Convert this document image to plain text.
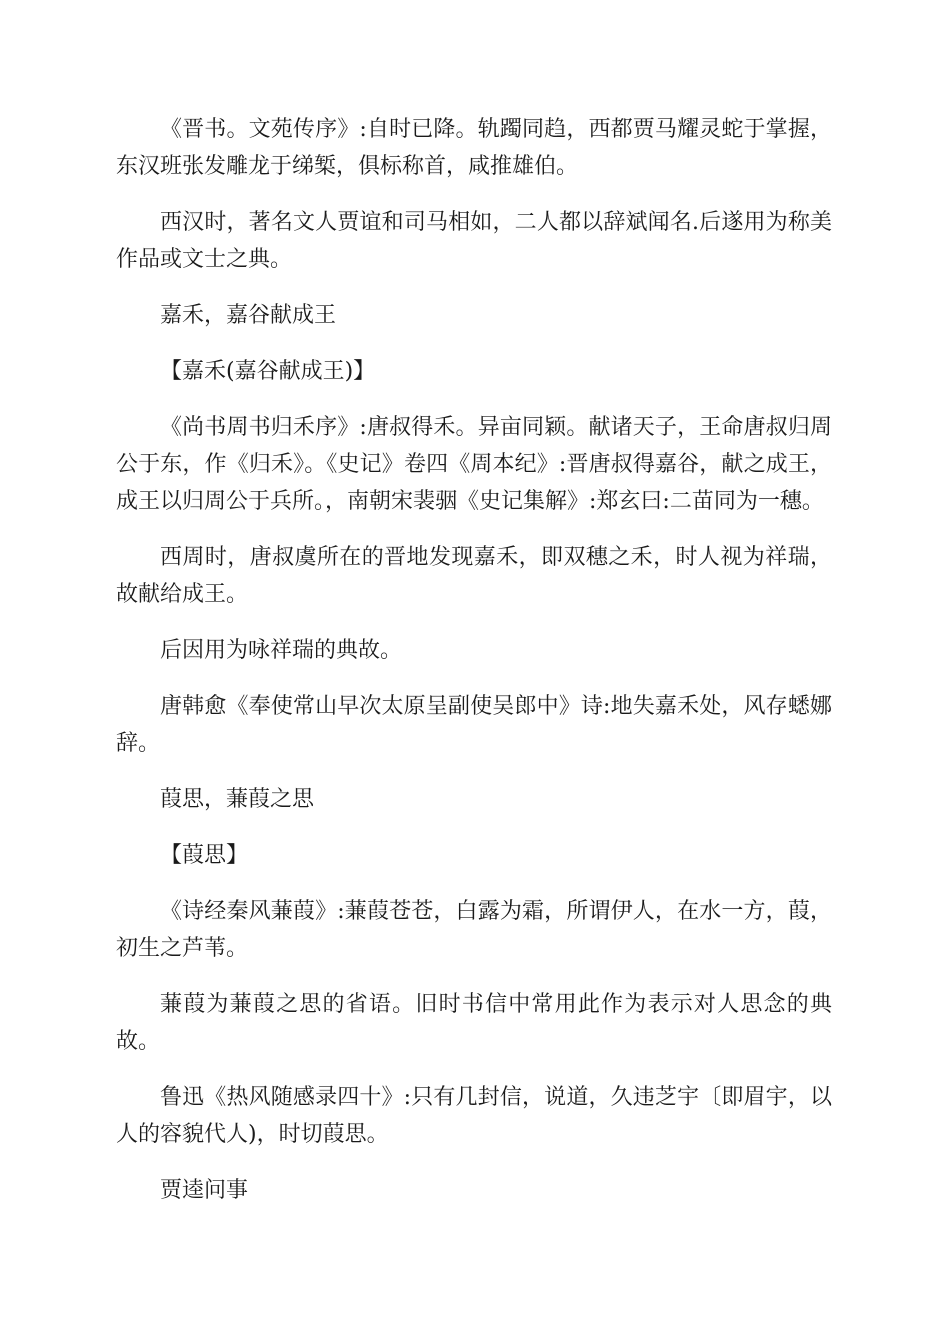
《晋书。文苑传序》:自时已降。轨躅同趋，西都贾马耀灵蛇于掌握，东汉班张发雕龙于绨椠，俱标称首，咸推雄伯。

西汉时，著名文人贾谊和司马相如，二人都以辞斌闻名.后遂用为称美作品或文士之典。

嘉禾，嘉谷献成王

【嘉禾(嘉谷献成王)】

《尚书周书归禾序》:唐叔得禾。异亩同颖。献诸天子，王命唐叔归周公于东，作《归禾》。《史记》卷四《周本纪》:晋唐叔得嘉谷，献之成王，成王以归周公于兵所。，南朝宋裴骃《史记集解》:郑玄曰:二苗同为一穗。

西周时，唐叔虞所在的晋地发现嘉禾，即双穗之禾，时人视为祥瑞，故献给成王。

后因用为咏祥瑞的典故。

唐韩愈《奉使常山早次太原呈副使吴郎中》诗:地失嘉禾处，风存蟋娜辞。

葭思，蒹葭之思

【葭思】

《诗经秦风蒹葭》:蒹葭苍苍，白露为霜，所谓伊人，在水一方，葭，初生之芦苇。

蒹葭为蒹葭之思的省语。旧时书信中常用此作为表示对人思念的典故。

鲁迅《热风随感录四十》:只有几封信，说道，久违芝宇〔即眉宇，以人的容貌代人)，时切葭思。

贾逵问事
